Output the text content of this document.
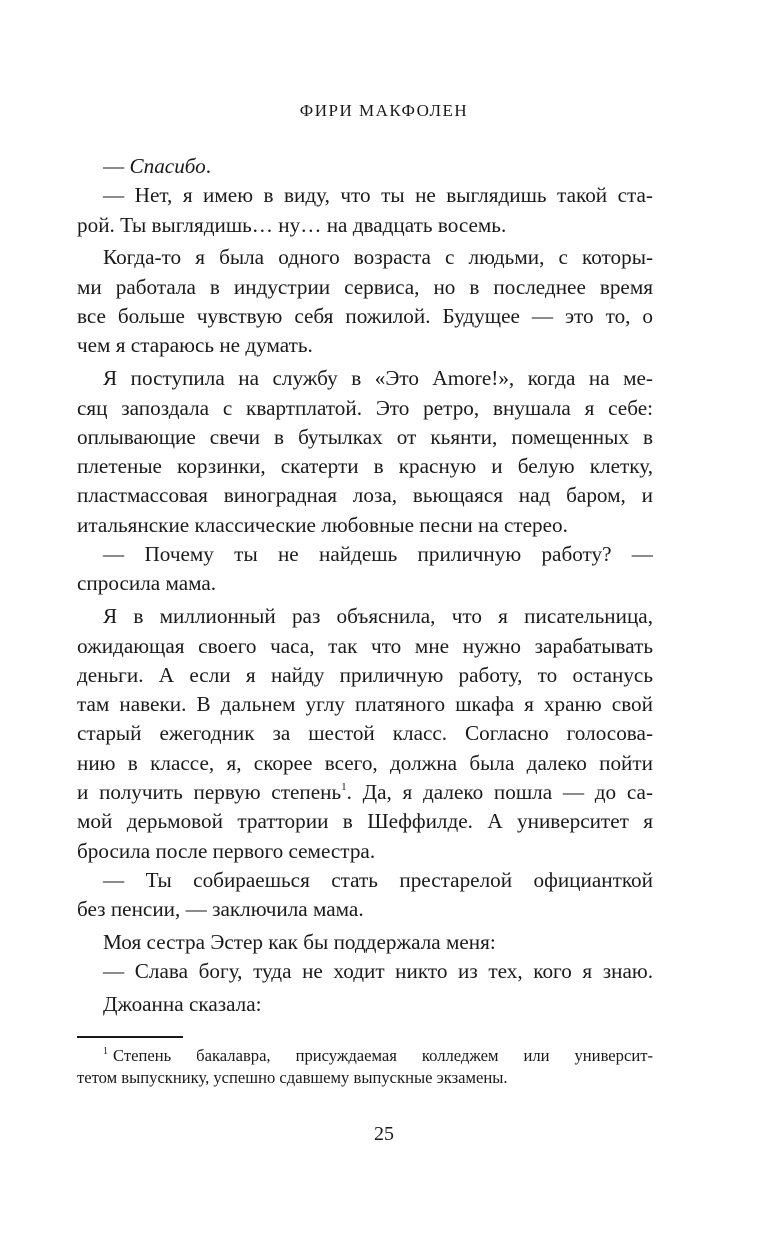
ФИРИ МАКФОЛЕН
— Спасибо.
— Нет, я имею в виду, что ты не выглядишь такой ста-
рой. Ты выглядишь… ну… на двадцать восемь.
Когда-то я была одного возраста с людьми, с которы-
ми работала в индустрии сервиса, но в последнее время
все больше чувствую себя пожилой. Будущее — это то, о
чем я стараюсь не думать.
Я поступила на службу в «Это Amore!», когда на ме-
сяц запоздала с квартплатой. Это ретро, внушала я себе:
оплывающие свечи в бутылках от кьянти, помещенных в
плетеные корзинки, скатерти в красную и белую клетку,
пластмассовая виноградная лоза, вьющаяся над баром, и
итальянские классические любовные песни на стерео.
— Почему ты не найдешь приличную работу? —
спросила мама.
Я в миллионный раз объяснила, что я писательница,
ожидающая своего часа, так что мне нужно зарабатывать
деньги. А если я найду приличную работу, то останусь
там навеки. В дальнем углу платяного шкафа я храню свой
старый ежегодник за шестой класс. Согласно голосова-
нию в классе, я, скорее всего, должна была далеко пойти
и получить первую степень$^1$. Да, я далеко пошла — до са-
мой дерьмовой траттории в Шеффилде. А университет я
бросила после первого семестра.
— Ты собираешься стать престарелой официанткой
без пенсии, — заключила мама.
Моя сестра Эстер как бы поддержала меня:
— Слава богу, туда не ходит никто из тех, кого я знаю.
Джоанна сказала:
$^1$ Степень бакалавра, присуждаемая колледжем или университ-
тетом выпускнику, успешно сдавшему выпускные экзамены.
25
